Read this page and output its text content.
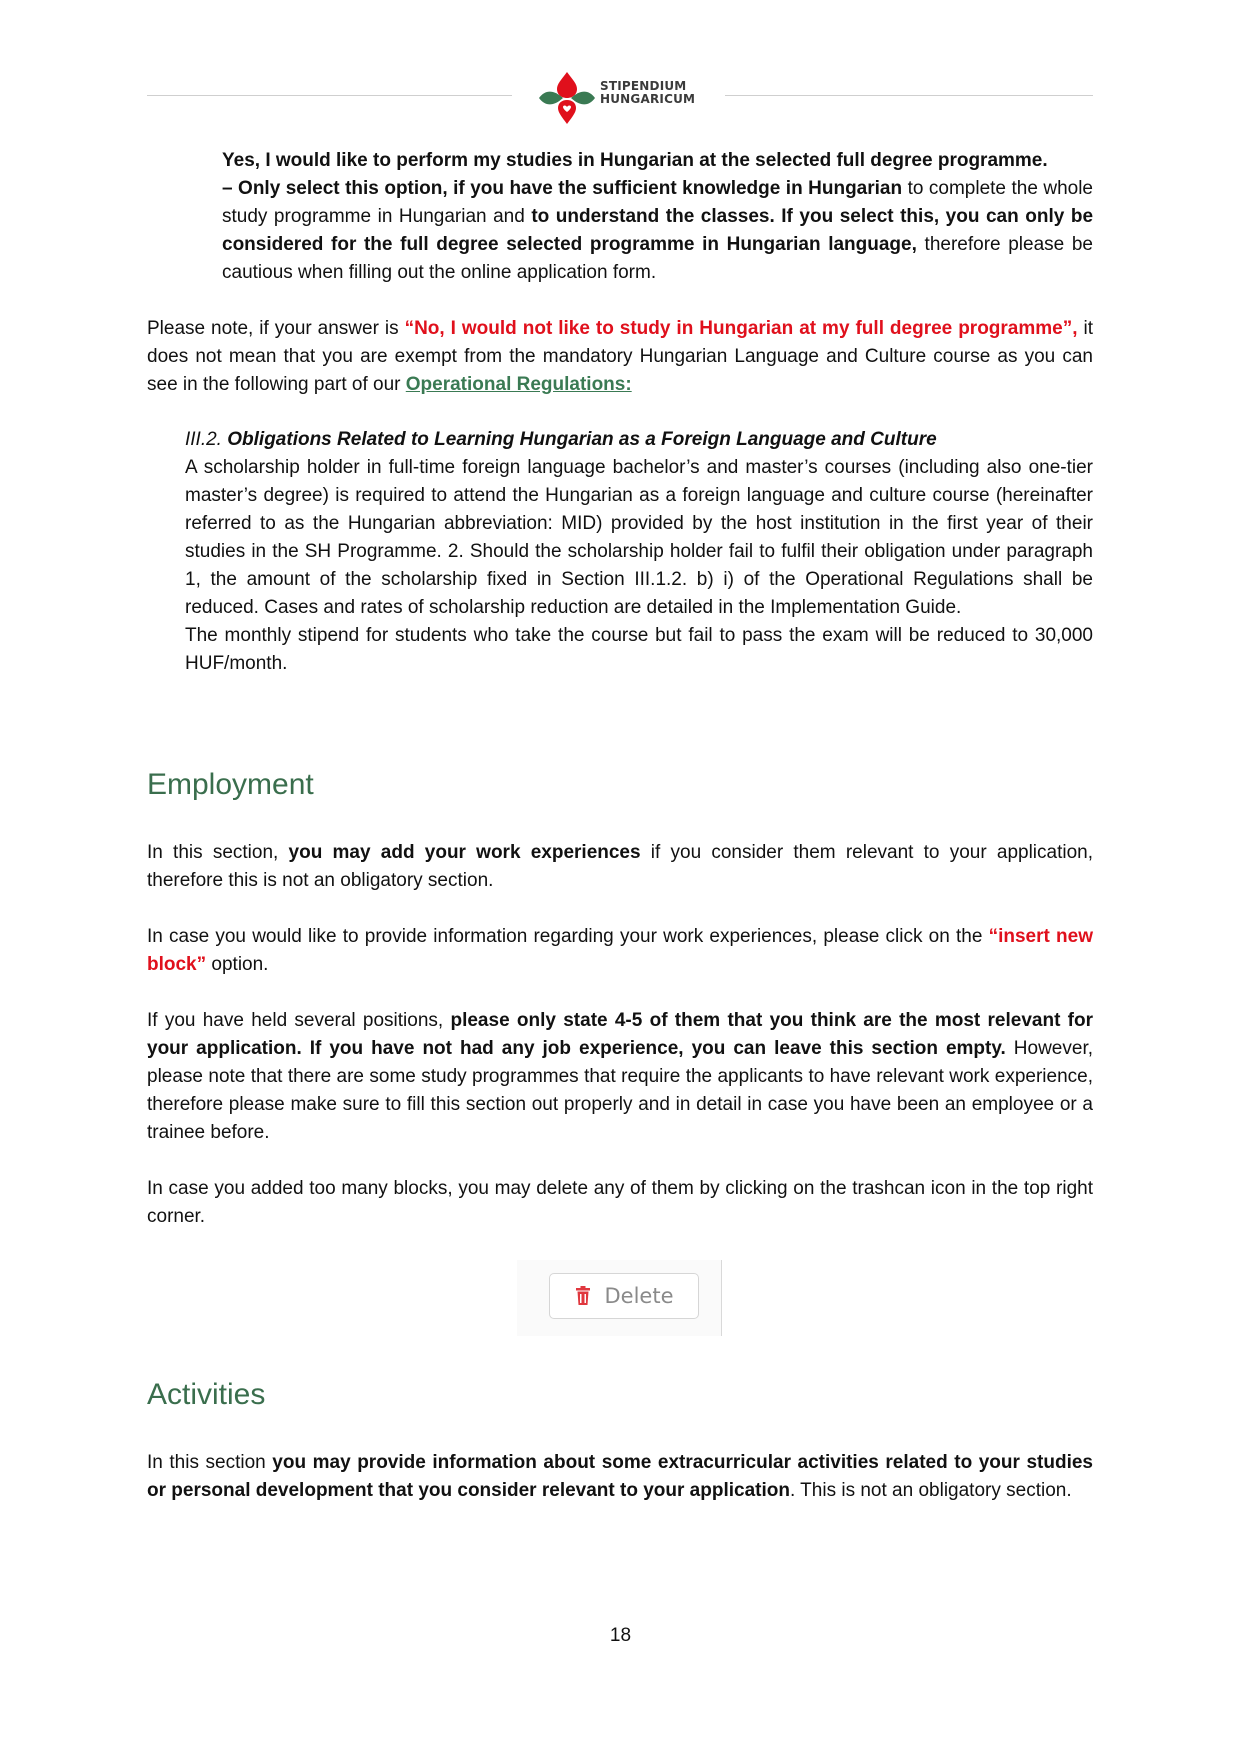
STIPENDIUM
HUNGARICUM
Yes, I would like to perform my studies in Hungarian at the selected full degree programme.
– Only select this option, if you have the sufficient knowledge in Hungarian to complete the whole study programme in Hungarian and to understand the classes. If you select this, you can only be considered for the full degree selected programme in Hungarian language, therefore please be cautious when filling out the online application form.
Please note, if your answer is “No, I would not like to study in Hungarian at my full degree programme”, it does not mean that you are exempt from the mandatory Hungarian Language and Culture course as you can see in the following part of our Operational Regulations:
III.2. Obligations Related to Learning Hungarian as a Foreign Language and Culture
A scholarship holder in full-time foreign language bachelor’s and master’s courses (including also one-tier master’s degree) is required to attend the Hungarian as a foreign language and culture course (hereinafter referred to as the Hungarian abbreviation: MID) provided by the host institution in the first year of their studies in the SH Programme. 2. Should the scholarship holder fail to fulfil their obligation under paragraph 1, the amount of the scholarship fixed in Section III.1.2. b) i) of the Operational Regulations shall be reduced. Cases and rates of scholarship reduction are detailed in the Implementation Guide.
The monthly stipend for students who take the course but fail to pass the exam will be reduced to 30,000 HUF/month.
Employment
In this section, you may add your work experiences if you consider them relevant to your application, therefore this is not an obligatory section.
In case you would like to provide information regarding your work experiences, please click on the “insert new block” option.
If you have held several positions, please only state 4-5 of them that you think are the most relevant for your application. If you have not had any job experience, you can leave this section empty. However, please note that there are some study programmes that require the applicants to have relevant work experience, therefore please make sure to fill this section out properly and in detail in case you have been an employee or a trainee before.
In case you added too many blocks, you may delete any of them by clicking on the trashcan icon in the top right corner.
Delete
Activities
In this section you may provide information about some extracurricular activities related to your studies or personal development that you consider relevant to your application. This is not an obligatory section.
18
